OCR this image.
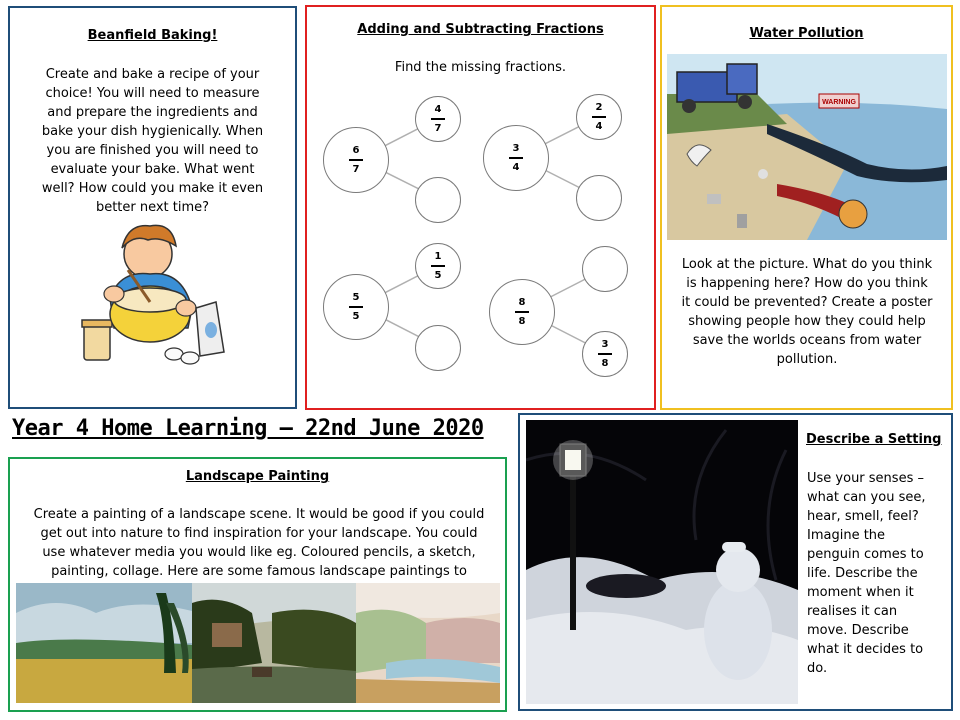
Beanfield Baking!
Create and bake a recipe of your choice! You will need to measure and prepare the ingredients and bake your dish hygienically. When you are finished you will need to evaluate your bake. What went well? How could you make it even better next time?
Adding and Subtracting Fractions
Find the missing fractions.
6
7
4
7
3
4
2
4
5
5
1
5
8
8
3
8
Water Pollution
WARNING
Look at the picture. What do you think is happening here? How do you think it could be prevented? Create a poster showing people how they could help save the worlds oceans from water pollution.
Year 4 Home Learning – 22nd June 2020
Landscape Painting
Create a painting of a landscape scene. It would be good if you could get out into nature to find inspiration for your landscape. You could use whatever media you would like eg. Coloured pencils, a sketch, painting, collage. Here are some famous landscape paintings to
Describe a Setting
Use your senses – what can you see, hear, smell, feel? Imagine the penguin comes to life. Describe the moment when it realises it can move. Describe what it decides to do.
